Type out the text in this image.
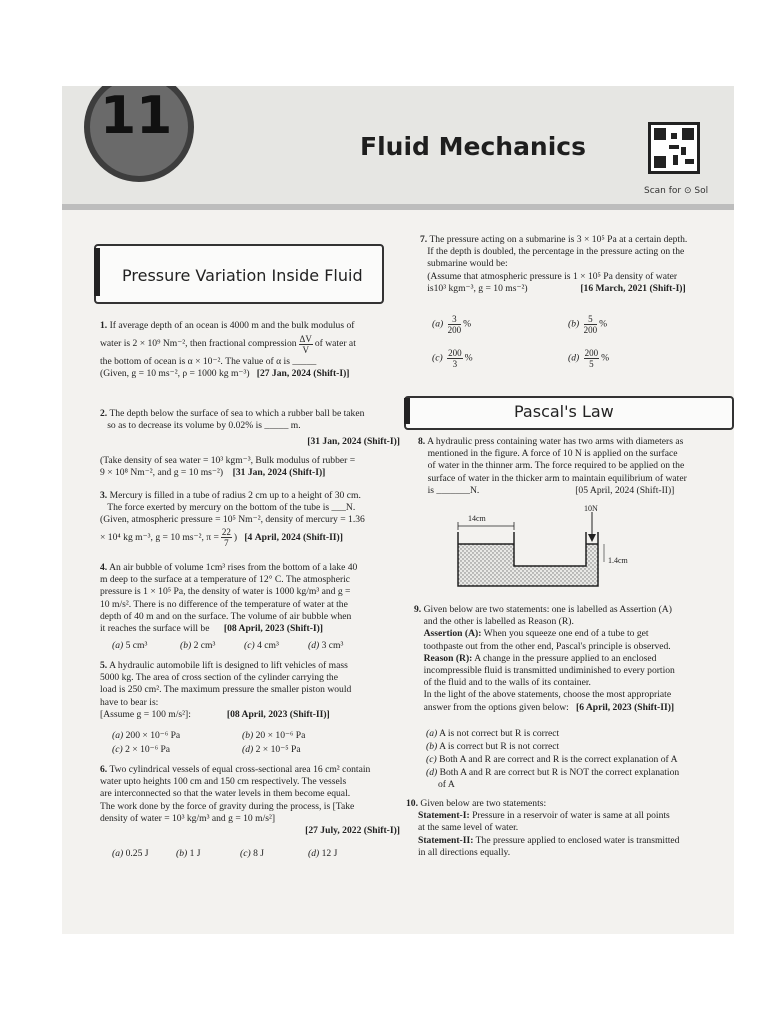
11
Fluid Mechanics
Scan for ⊙ Sol
Pressure Variation Inside Fluid
1. If average depth of an ocean is 4000 m and the bulk modulus of
water is 2 × 10⁹ Nm⁻², then fractional compression $\frac{\Delta V}{V}$ of water at
the bottom of ocean is α × 10⁻². The value of α is _____
(Given, g = 10 ms⁻², ρ = 1000 kg m⁻³) [27 Jan, 2024 (Shift-I)]
2. The depth below the surface of sea to which a rubber ball be taken
so as to decrease its volume by 0.02% is _____ m.

[31 Jan, 2024 (Shift-I)]
(Take density of sea water = 10³ kgm⁻³, Bulk modulus of rubber =
9 × 10⁸ Nm⁻², and g = 10 ms⁻²) [31 Jan, 2024 (Shift-I)]
3. Mercury is filled in a tube of radius 2 cm up to a height of 30 cm.
The force exerted by mercury on the bottom of the tube is ___N.
(Given, atmospheric pressure = 10⁵ Nm⁻², density of mercury = 1.36
× 10⁴ kg m⁻³, g = 10 ms⁻², $\pi = \frac{22}{7}$ ) [4 April, 2024 (Shift-II)]
4. An air bubble of volume 1cm³ rises from the bottom of a lake 40
m deep to the surface at a temperature of 12° C. The atmospheric
pressure is 1 × 10⁵ Pa, the density of water is 1000 kg/m³ and g =
10 m/s². There is no difference of the temperature of water at the
depth of 40 m and on the surface. The volume of air bubble when
it reaches the surface will be [08 April, 2023 (Shift-I)]
(a) 5 cm³	(b) 2 cm³	(c) 4 cm³	(d) 3 cm³
5. A hydraulic automobile lift is designed to lift vehicles of mass
5000 kg. The area of cross section of the cylinder carrying the
load is 250 cm². The maximum pressure the smaller piston would
have to bear is:
[Assume g = 100 m/s²]:	[08 April, 2023 (Shift-II)]
(a) 200 × 10⁻⁶ Pa	(b) 20 × 10⁻⁶ Pa
(c) 2 × 10⁻⁶ Pa	(d) 2 × 10⁻⁵ Pa
6. Two cylindrical vessels of equal cross-sectional area 16 cm² contain
water upto heights 100 cm and 150 cm respectively. The vessels
are interconnected so that the water levels in them become equal.
The work done by the force of gravity during the process, is [Take
density of water = 10³ kg/m³ and g = 10 m/s²]

[27 July, 2022 (Shift-I)]
(a) 0.25 J	(b) 1 J	(c) 8 J	(d) 12 J
7. The pressure acting on a submarine is 3 × 10⁵ Pa at a certain depth.
If the depth is doubled, the percentage in the pressure acting on the
submarine would be:
(Assume that atmospheric pressure is 1 × 10⁵ Pa density of water
is10³ kgm⁻³, g = 10 ms⁻²)	[16 March, 2021 (Shift-I)]
$(a) \frac{3}{200}$ %	$(b) \frac{5}{200}$ %
$(c) \frac{200}{3}$ %	$(d) \frac{200}{5}$ %
Pascal's Law
8. A hydraulic press containing water has two arms with diameters as
mentioned in the figure. A force of 10 N is applied on the surface
of water in the thinner arm. The force required to be applied on the
surface of water in the thicker arm to maintain equilibrium of water
is _______N.	[05 April, 2024 (Shift-II)]
14cm
10N
1.4cm
9. Given below are two statements: one is labelled as Assertion (A)
and the other is labelled as Reason (R).
Assertion (A): When you squeeze one end of a tube to get
toothpaste out from the other end, Pascal's principle is observed.
Reason (R): A change in the pressure applied to an enclosed
incompressible fluid is transmitted undiminished to every portion
of the fluid and to the walls of its container.
In the light of the above statements, choose the most appropriate
answer from the options given below: [6 April, 2023 (Shift-II)]
(a) A is not correct but R is correct
(b) A is correct but R is not correct
(c) Both A and R are correct and R is the correct explanation of A
(d) Both A and R are correct but R is NOT the correct explanation
of A
10. Given below are two statements:
Statement-I: Pressure in a reservoir of water is same at all points
at the same level of water.
Statement-II: The pressure applied to enclosed water is transmitted
in all directions equally.
